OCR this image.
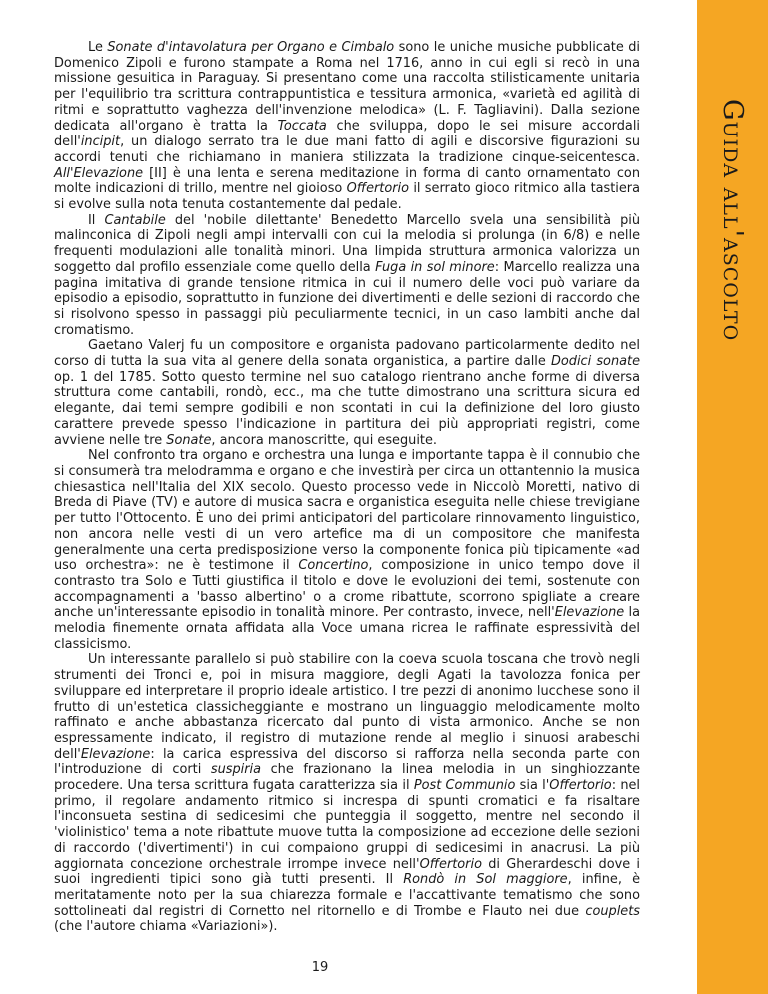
Le Sonate d'intavolatura per Organo e Cimbalo sono le uniche musiche pubblicate di Domenico Zipoli e furono stampate a Roma nel 1716, anno in cui egli si recò in una missione gesuitica in Paraguay. Si presentano come una raccolta stilisticamente unitaria per l'equilibrio tra scrittura contrappuntistica e tessitura armonica, «varietà ed agilità di ritmi e soprattutto vaghezza dell'invenzione melodica» (L. F. Tagliavini). Dalla sezione dedicata all'organo è tratta la Toccata che sviluppa, dopo le sei misure accordali dell'incipit, un dialogo serrato tra le due mani fatto di agili e discorsive figurazioni su accordi tenuti che richiamano in maniera stilizzata la tradizione cinque-seicentesca. All'Elevazione [II] è una lenta e serena meditazione in forma di canto ornamentato con molte indicazioni di trillo, mentre nel gioioso Offertorio il serrato gioco ritmico alla tastiera si evolve sulla nota tenuta costantemente dal pedale.

Il Cantabile del 'nobile dilettante' Benedetto Marcello svela una sensibilità più malinconica di Zipoli negli ampi intervalli con cui la melodia si prolunga (in 6/8) e nelle frequenti modulazioni alle tonalità minori. Una limpida struttura armonica valorizza un soggetto dal profilo essenziale come quello della Fuga in sol minore: Marcello realizza una pagina imitativa di grande tensione ritmica in cui il numero delle voci può variare da episodio a episodio, soprattutto in funzione dei divertimenti e delle sezioni di raccordo che si risolvono spesso in passaggi più peculiarmente tecnici, in un caso lambiti anche dal cromatismo.

Gaetano Valerj fu un compositore e organista padovano particolarmente dedito nel corso di tutta la sua vita al genere della sonata organistica, a partire dalle Dodici sonate op. 1 del 1785. Sotto questo termine nel suo catalogo rientrano anche forme di diversa struttura come cantabili, rondò, ecc., ma che tutte dimostrano una scrittura sicura ed elegante, dai temi sempre godibili e non scontati in cui la definizione del loro giusto carattere prevede spesso l'indicazione in partitura dei più appropriati registri, come avviene nelle tre Sonate, ancora manoscritte, qui eseguite.

Nel confronto tra organo e orchestra una lunga e importante tappa è il connubio che si consumerà tra melodramma e organo e che investirà per circa un ottantennio la musica chiesastica nell'Italia del XIX secolo. Questo processo vede in Niccolò Moretti, nativo di Breda di Piave (TV) e autore di musica sacra e organistica eseguita nelle chiese trevigiane per tutto l'Ottocento. È uno dei primi anticipatori del particolare rinnovamento linguistico, non ancora nelle vesti di un vero artefice ma di un compositore che manifesta generalmente una certa predisposizione verso la componente fonica più tipicamente «ad uso orchestra»: ne è testimone il Concertino, composizione in unico tempo dove il contrasto tra Solo e Tutti giustifica il titolo e dove le evoluzioni dei temi, sostenute con accompagnamenti a 'basso albertino' o a crome ribattute, scorrono spigliate a creare anche un'interessante episodio in tonalità minore. Per contrasto, invece, nell'Elevazione la melodia finemente ornata affidata alla Voce umana ricrea le raffinate espressività del classicismo.

Un interessante parallelo si può stabilire con la coeva scuola toscana che trovò negli strumenti dei Tronci e, poi in misura maggiore, degli Agati la tavolozza fonica per sviluppare ed interpretare il proprio ideale artistico. I tre pezzi di anonimo lucchese sono il frutto di un'estetica classicheggiante e mostrano un linguaggio melodicamente molto raffinato e anche abbastanza ricercato dal punto di vista armonico. Anche se non espressamente indicato, il registro di mutazione rende al meglio i sinuosi arabeschi dell'Elevazione: la carica espressiva del discorso si rafforza nella seconda parte con l'introduzione di corti suspiria che frazionano la linea melodia in un singhiozzante procedere. Una tersa scrittura fugata caratterizza sia il Post Communio sia l'Offertorio: nel primo, il regolare andamento ritmico si increspa di spunti cromatici e fa risaltare l'inconsueta sestina di sedicesimi che punteggia il soggetto, mentre nel secondo il 'violinistico' tema a note ribattute muove tutta la composizione ad eccezione delle sezioni di raccordo ('divertimenti') in cui compaiono gruppi di sedicesimi in anacrusi. La più aggiornata concezione orchestrale irrompe invece nell'Offertorio di Gherardeschi dove i suoi ingredienti tipici sono già tutti presenti. Il Rondò in Sol maggiore, infine, è meritatamente noto per la sua chiarezza formale e l'accattivante tematismo che sono sottolineati dal registri di Cornetto nel ritornello e di Trombe e Flauto nei due couplets (che l'autore chiama «Variazioni»).

Guida all'ascolto
19
